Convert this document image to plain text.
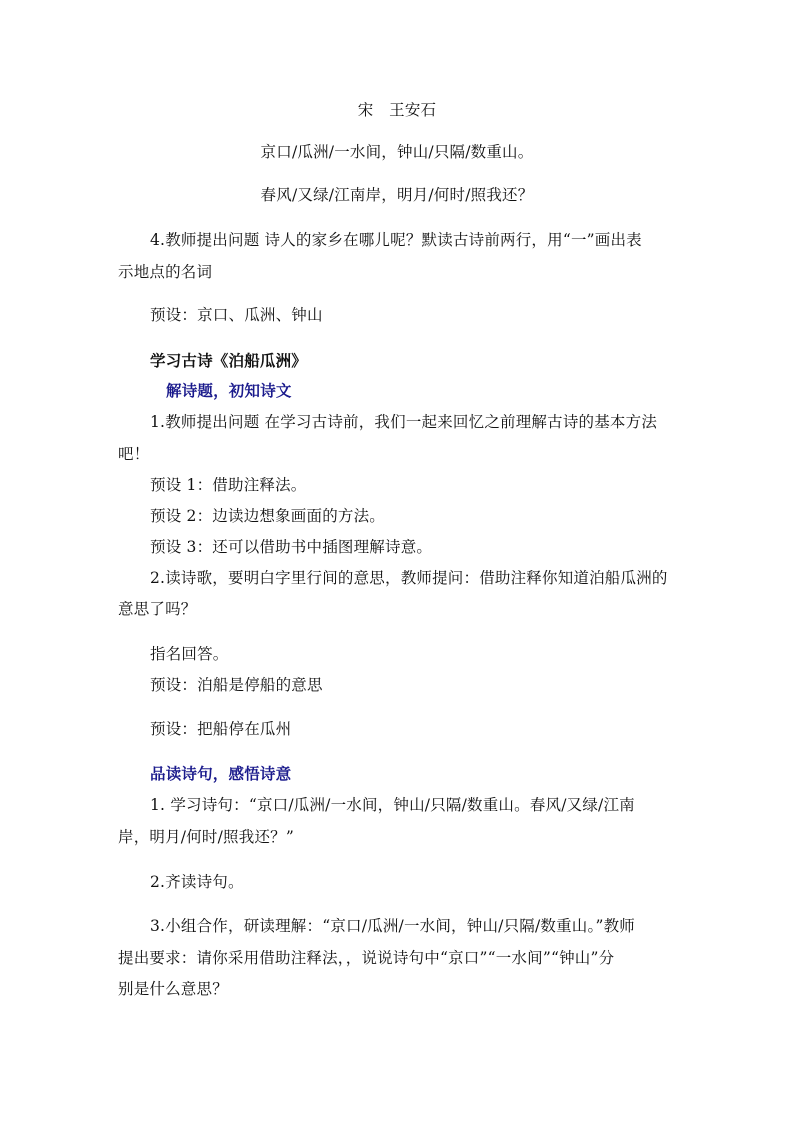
宋　王安石
京口/瓜洲/一水间，钟山/只隔/数重山。
春风/又绿/江南岸，明月/何时/照我还？
4.教师提出问题 诗人的家乡在哪儿呢？默读古诗前两行，用“一”画出表
示地点的名词
预设：京口、瓜洲、钟山
学习古诗《泊船瓜洲》
解诗题，初知诗文
1.教师提出问题 在学习古诗前，我们一起来回忆之前理解古诗的基本方法
吧！
预设 1：借助注释法。
预设 2：边读边想象画面的方法。
预设 3：还可以借助书中插图理解诗意。
2.读诗歌，要明白字里行间的意思，教师提问：借助注释你知道泊船瓜洲的
意思了吗？
指名回答。
预设：泊船是停船的意思
预设：把船停在瓜州
品读诗句，感悟诗意
1. 学习诗句：“京口/瓜洲/一水间，钟山/只隔/数重山。春风/又绿/江南
岸，明月/何时/照我还？”
2.齐读诗句。
3.小组合作，研读理解：“京口/瓜洲/一水间，钟山/只隔/数重山。”教师
提出要求：请你采用借助注释法，，说说诗句中“京口”“一水间”“钟山”分
别是什么意思？
